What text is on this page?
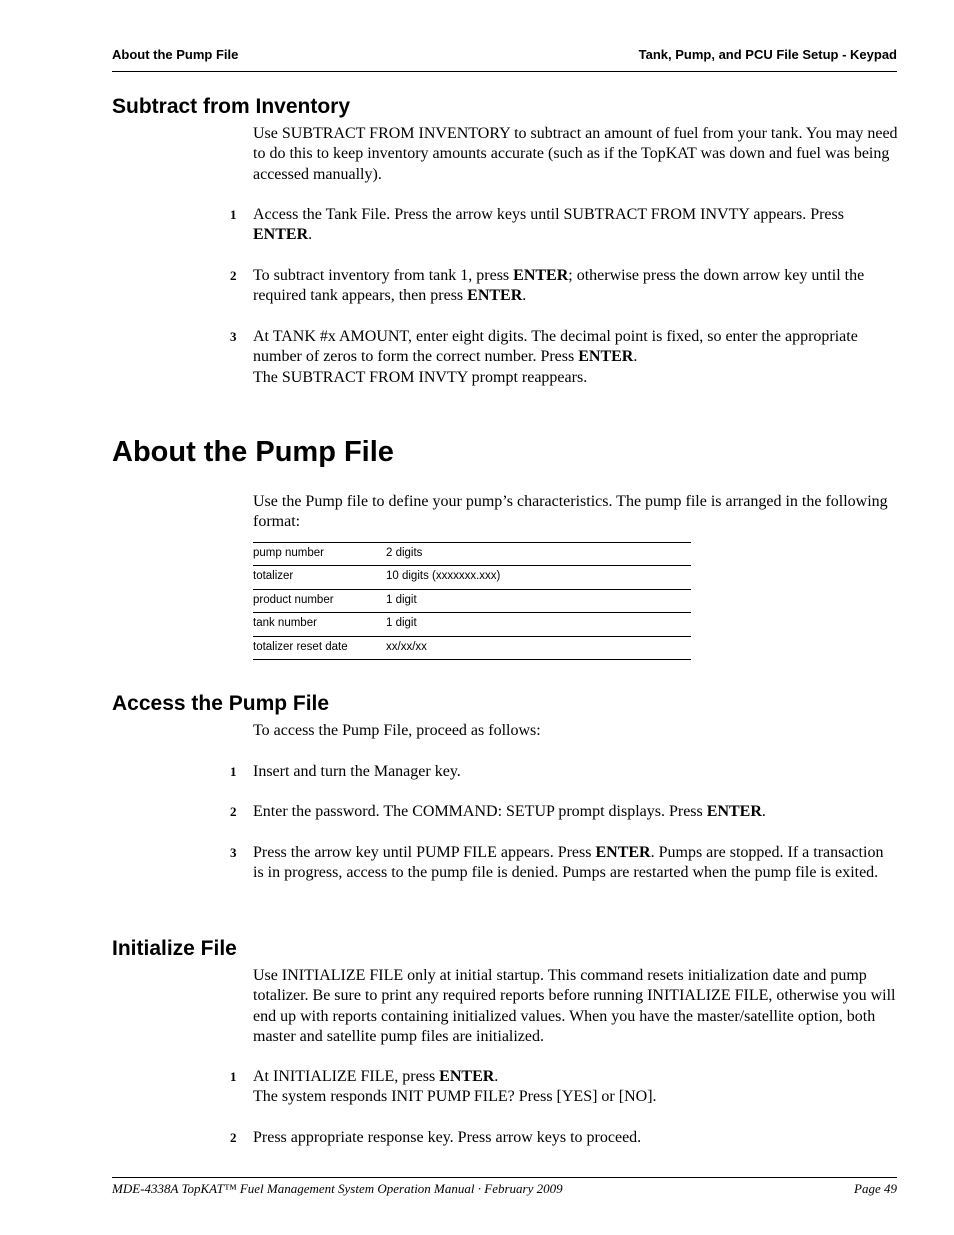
About the Pump File	Tank, Pump, and PCU File Setup - Keypad
Subtract from Inventory
Use SUBTRACT FROM INVENTORY to subtract an amount of fuel from your tank. You may need to do this to keep inventory amounts accurate (such as if the TopKAT was down and fuel was being accessed manually).
1 Access the Tank File. Press the arrow keys until SUBTRACT FROM INVTY appears. Press ENTER.
2 To subtract inventory from tank 1, press ENTER; otherwise press the down arrow key until the required tank appears, then press ENTER.
3 At TANK #x AMOUNT, enter eight digits. The decimal point is fixed, so enter the appropriate number of zeros to form the correct number. Press ENTER.
The SUBTRACT FROM INVTY prompt reappears.
About the Pump File
Use the Pump file to define your pump’s characteristics. The pump file is arranged in the following format:
pump number	2 digits
totalizer	10 digits (xxxxxxx.xxx)
product number	1 digit
tank number	1 digit
totalizer reset date	xx/xx/xx
Access the Pump File
To access the Pump File, proceed as follows:
1 Insert and turn the Manager key.
2 Enter the password. The COMMAND: SETUP prompt displays. Press ENTER.
3 Press the arrow key until PUMP FILE appears. Press ENTER. Pumps are stopped. If a transaction is in progress, access to the pump file is denied. Pumps are restarted when the pump file is exited.
Initialize File
Use INITIALIZE FILE only at initial startup. This command resets initialization date and pump totalizer. Be sure to print any required reports before running INITIALIZE FILE, otherwise you will end up with reports containing initialized values. When you have the master/satellite option, both master and satellite pump files are initialized.
1 At INITIALIZE FILE, press ENTER.
The system responds INIT PUMP FILE? Press [YES] or [NO].
2 Press appropriate response key. Press arrow keys to proceed.
MDE-4338A TopKAT™ Fuel Management System Operation Manual · February 2009	Page 49
